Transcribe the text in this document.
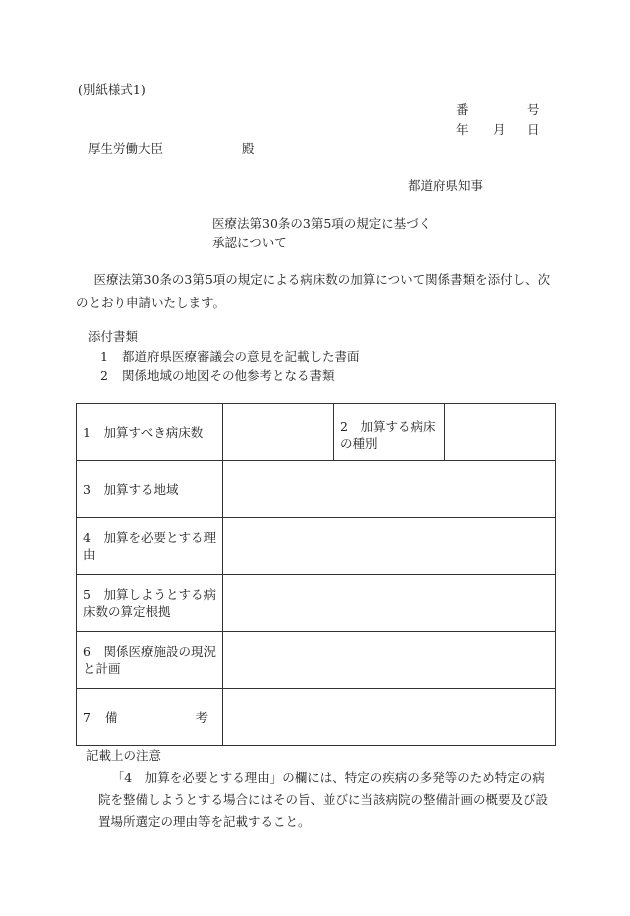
(別紙様式1)
番	号
年 月 日
厚生労働大臣	殿
都道府県知事
医療法第30条の3第5項の規定に基づく
承認について
医療法第30条の3第5項の規定による病床数の加算について関係書類を添付し、次のとおり申請いたします。
添付書類
1 都道府県医療審議会の意見を記載した書面
2 関係地域の地図その他参考となる書類
1　加算すべき病床数		2　加算する病床の種別	
3　加算する地域			
4　加算を必要とする理由			
5　加算しようとする病床数の算定根拠			
6　関係医療施設の現況と計画			
7 備 考			

記載上の注意
「4　加算を必要とする理由」の欄には、特定の疾病の多発等のため特定の病院を整備しようとする場合にはその旨、並びに当該病院の整備計画の概要及び設置場所選定の理由等を記載すること。
